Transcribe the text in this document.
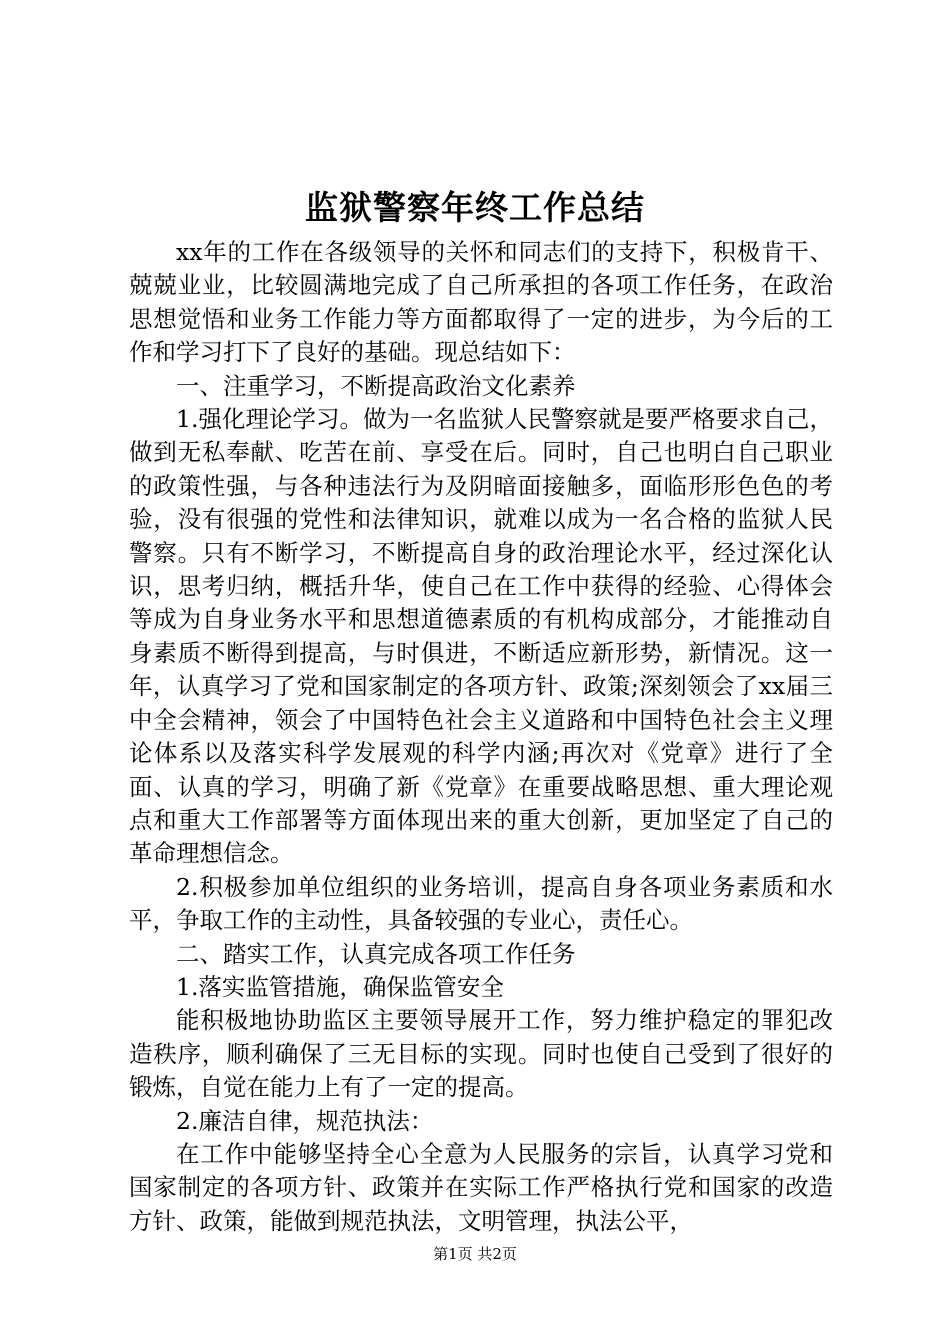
监狱警察年终工作总结

xx年的工作在各级领导的关怀和同志们的支持下，积极肯干、兢兢业业，比较圆满地完成了自己所承担的各项工作任务，在政治思想觉悟和业务工作能力等方面都取得了一定的进步，为今后的工作和学习打下了良好的基础。现总结如下：

一、注重学习，不断提高政治文化素养

1.强化理论学习。做为一名监狱人民警察就是要严格要求自己，做到无私奉献、吃苦在前、享受在后。同时，自己也明白自己职业的政策性强，与各种违法行为及阴暗面接触多，面临形形色色的考验，没有很强的党性和法律知识，就难以成为一名合格的监狱人民警察。只有不断学习，不断提高自身的政治理论水平，经过深化认识，思考归纳，概括升华，使自己在工作中获得的经验、心得体会等成为自身业务水平和思想道德素质的有机构成部分，才能推动自身素质不断得到提高，与时俱进，不断适应新形势，新情况。这一年，认真学习了党和国家制定的各项方针、政策;深刻领会了xx届三中全会精神，领会了中国特色社会主义道路和中国特色社会主义理论体系以及落实科学发展观的科学内涵;再次对《党章》进行了全面、认真的学习，明确了新《党章》在重要战略思想、重大理论观点和重大工作部署等方面体现出来的重大创新，更加坚定了自己的革命理想信念。

2.积极参加单位组织的业务培训，提高自身各项业务素质和水平，争取工作的主动性，具备较强的专业心，责任心。

二、踏实工作，认真完成各项工作任务

1.落实监管措施，确保监管安全

能积极地协助监区主要领导展开工作，努力维护稳定的罪犯改造秩序，顺利确保了三无目标的实现。同时也使自己受到了很好的锻炼，自觉在能力上有了一定的提高。

2.廉洁自律，规范执法：

在工作中能够坚持全心全意为人民服务的宗旨，认真学习党和国家制定的各项方针、政策并在实际工作严格执行党和国家的改造方针、政策，能做到规范执法，文明管理，执法公平，

第1页 共2页
